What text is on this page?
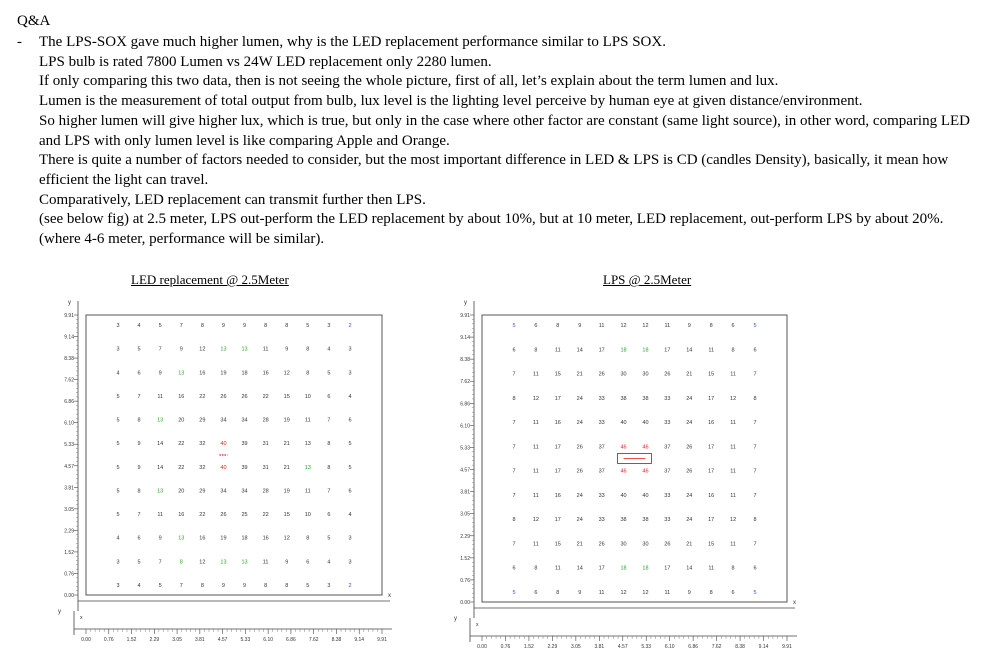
Q&A
- The LPS-SOX gave much higher lumen, why is the LED replacement performance similar to LPS SOX.
LPS bulb is rated 7800 Lumen vs 24W LED replacement only 2280 lumen.
If only comparing this two data, then is not seeing the whole picture, first of all, let’s explain about the term lumen and lux.
Lumen is the measurement of total output from bulb, lux level is the lighting level perceive by human eye at given distance/environment.
So higher lumen will give higher lux, which is true, but only in the case where other factor are constant (same light source), in other word, comparing LED and LPS with only lumen level is like comparing Apple and Orange.
There is quite a number of factors needed to consider, but the most important difference in LED & LPS is CD (candles Density), basically, it mean how efficient the light can travel.
Comparatively, LED replacement can transmit further then LPS.
(see below fig) at 2.5 meter, LPS out-perform the LED replacement by about 10%, but at 10 meter, LED replacement, out-perform LPS by about 20%.
(where 4-6 meter, performance will be similar).
LED replacement @ 2.5Meter	LPS @ 2.5Meter
y
x
9.91
9.14
8.38
7.62
6.86
6.10
5.33
4.57
3.81
3.05
2.29
1.52
0.76
0.00
y
x
0.00	0.76	1.52	2.29	3.05	3.81	4.57	5.33	6.10	6.86	7.62	8.38	9.14	9.91
3	4	5	7	8	9	9	8	8	5	3	2
3	5	7	9	12	13	13	11	9	8	4	3
4	6	9	13	16	19	18	16	12	8	5	3
5	7	11	16	22	26	26	22	15	10	6	4
5	8	13	20	29	34	34	28	19	11	7	6
5	9	14	22	32	40	39	31	21	13	8	5
5	9	14	22	32	40	39	31	21	13	8	5
5	8	13	20	29	34	34	28	19	11	7	6
5	7	11	16	22	26	25	22	15	10	6	4
4	6	9	13	16	19	18	16	12	8	5	3
3	5	7	8	12	13	13	11	9	6	4	3
3	4	5	7	8	9	9	8	8	5	3	2
y
x
9.91
9.14
8.38
7.62
6.86
6.10
5.33
4.57
3.81
3.05
2.29
1.52
0.76
0.00
y
x
0.00	0.76	1.52	2.29	3.05	3.81	4.57	5.33	6.10	6.86	7.62	8.38	9.14	9.91
5	6	8	9	11	12	12	11	9	8	6	5
6	8	11	14	17	18	18	17	14	11	8	6
7	11	15	21	26	30	30	26	21	15	11	7
8	12	17	24	33	38	38	33	24	17	12	8
7	11	16	24	33	40	40	33	24	16	11	7
7	11	17	26	37	46	46	37	26	17	11	7
7	11	17	26	37	46	46	37	26	17	11	7
7	11	16	24	33	40	40	33	24	16	11	7
8	12	17	24	33	38	38	33	24	17	12	8
7	11	15	21	26	30	30	26	21	15	11	7
6	8	11	14	17	18	18	17	14	11	8	6
5	6	8	9	11	12	12	11	9	8	6	5
